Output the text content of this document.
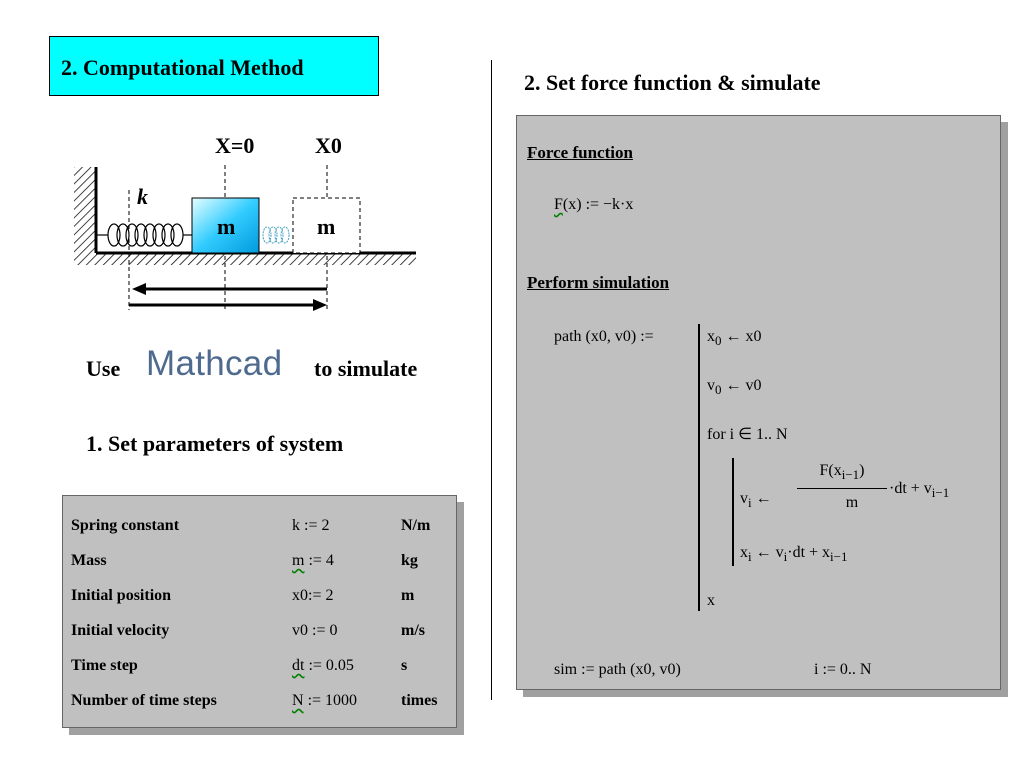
2. Computational Method
2. Set force function & simulate
X=0	X0
k
m	m
Use Mathcad to simulate
1. Set parameters of system
Spring constant	k := 2	N/m
Mass	m := 4	kg
Initial position	x0:= 2	m
Initial velocity	v0 := 0	m/s
Time step	dt := 0.05	s
Number of time steps	N := 1000	times
Force function
F(x) := −k·x
Perform simulation
path (x0, v0) :=	$x_0$ ← x0
$v_0$ ← v0
for i ∈ 1.. N
$v_i$ ←
$F(x_{i-1})$
m
$\cdot dt + v_{i-1}$
$x_i$ ← $v_i\cdot dt + x_{i-1}$
x
sim := path (x0, v0)	i := 0.. N
